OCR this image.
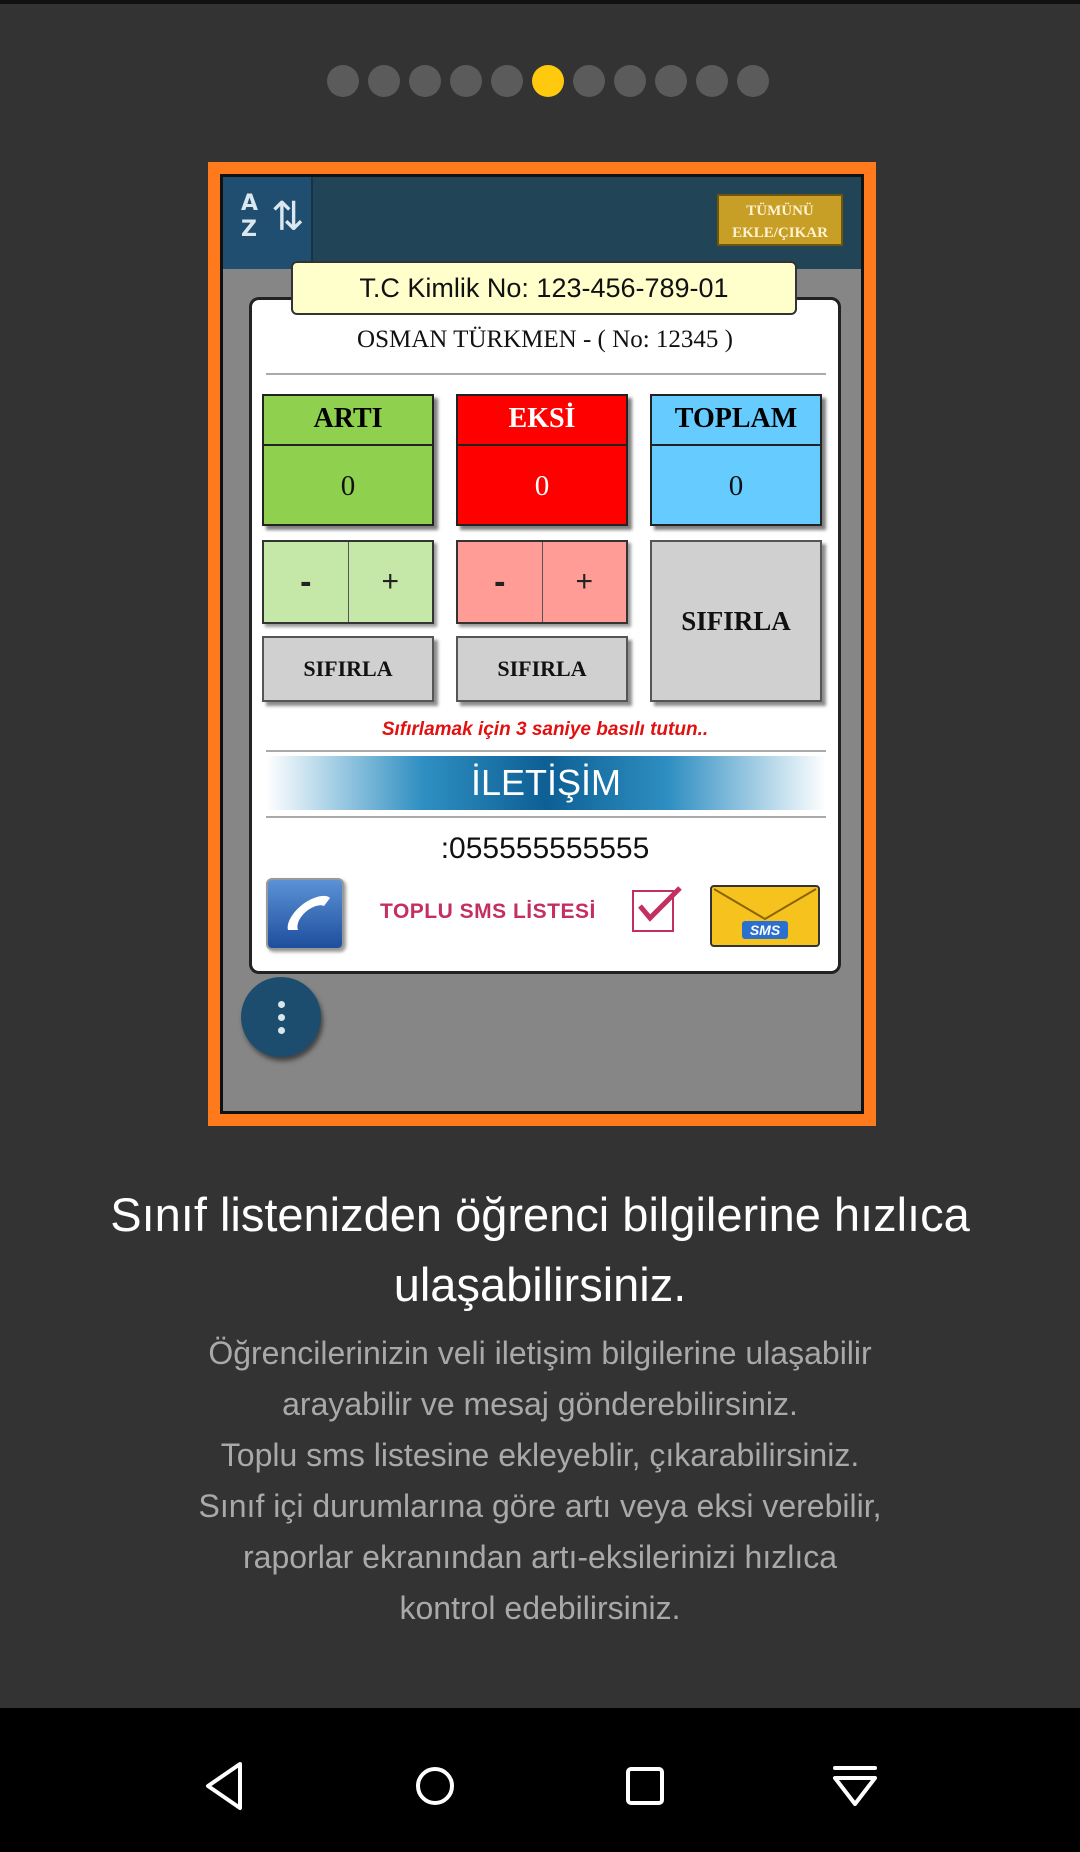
A
Z ⇅	TÜMÜNÜ
EKLE/ÇIKAR
T.C Kimlik No: 123-456-789-01
OSMAN TÜRKMEN - ( No: 12345 )
ARTI
0
EKSİ
0
TOPLAM
0
-	+	-	+
SIFIRLA	SIFIRLA
SIFIRLA
Sıfırlamak için 3 saniye basılı tutun..
İLETİŞİM
:055555555555
TOPLU SMS LİSTESİ
SMS
Sınıf listenizden öğrenci bilgilerine hızlıca ulaşabilirsiniz.
Öğrencilerinizin veli iletişim bilgilerine ulaşabilir
arayabilir ve mesaj gönderebilirsiniz.
Toplu sms listesine ekleyeblir, çıkarabilirsiniz.
Sınıf içi durumlarına göre artı veya eksi verebilir,
raporlar ekranından artı-eksilerinizi hızlıca
kontrol edebilirsiniz.
